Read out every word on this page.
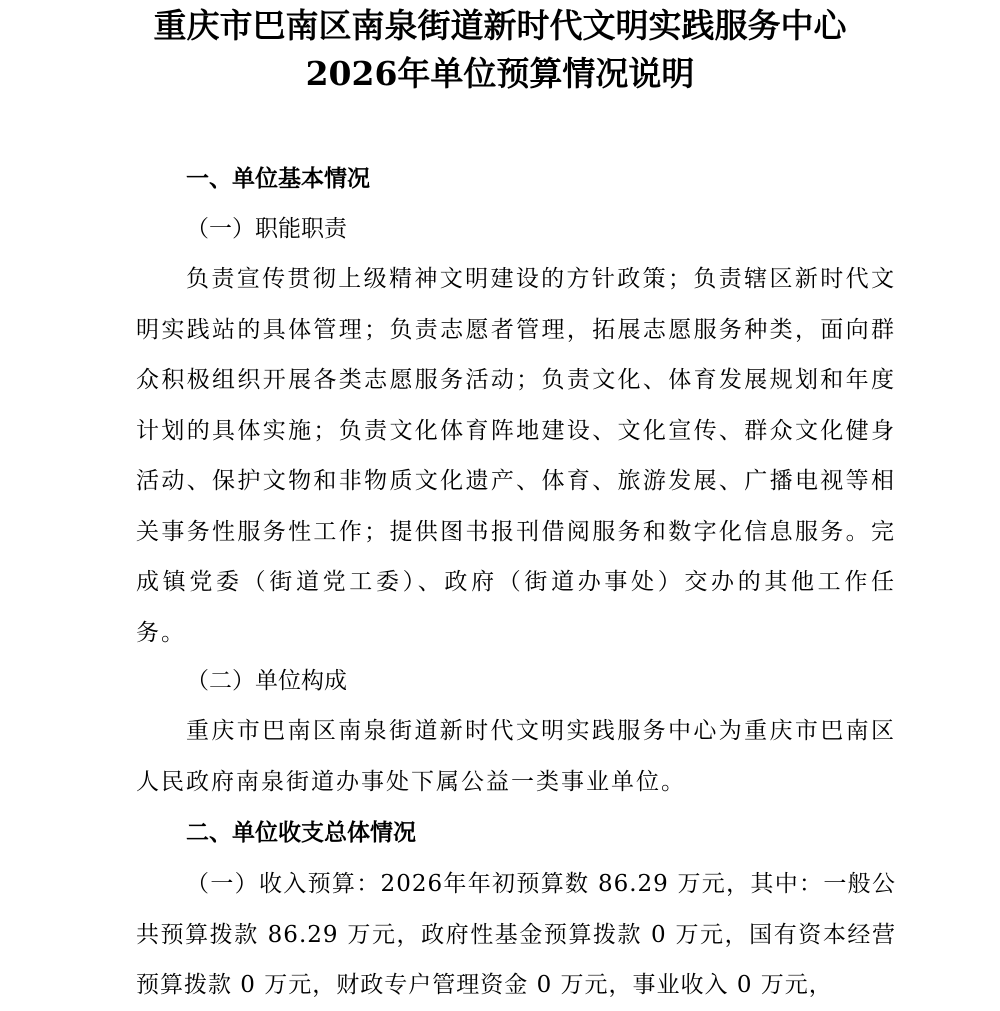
重庆市巴南区南泉街道新时代文明实践服务中心
2026年单位预算情况说明
一、单位基本情况
（一）职能职责

负责宣传贯彻上级精神文明建设的方针政策；负责辖区新时代文明实践站的具体管理；负责志愿者管理，拓展志愿服务种类，面向群众积极组织开展各类志愿服务活动；负责文化、体育发展规划和年度计划的具体实施；负责文化体育阵地建设、文化宣传、群众文化健身活动、保护文物和非物质文化遗产、体育、旅游发展、广播电视等相关事务性服务性工作；提供图书报刊借阅服务和数字化信息服务。完成镇党委（街道党工委）、政府（街道办事处）交办的其他工作任务。

（二）单位构成

重庆市巴南区南泉街道新时代文明实践服务中心为重庆市巴南区人民政府南泉街道办事处下属公益一类事业单位。

二、单位收支总体情况

（一）收入预算：2026年年初预算数 86.29 万元，其中：一般公共预算拨款 86.29 万元，政府性基金预算拨款 0 万元，国有资本经营预算拨款 0 万元，财政专户管理资金 0 万元，事业收入 0 万元，
